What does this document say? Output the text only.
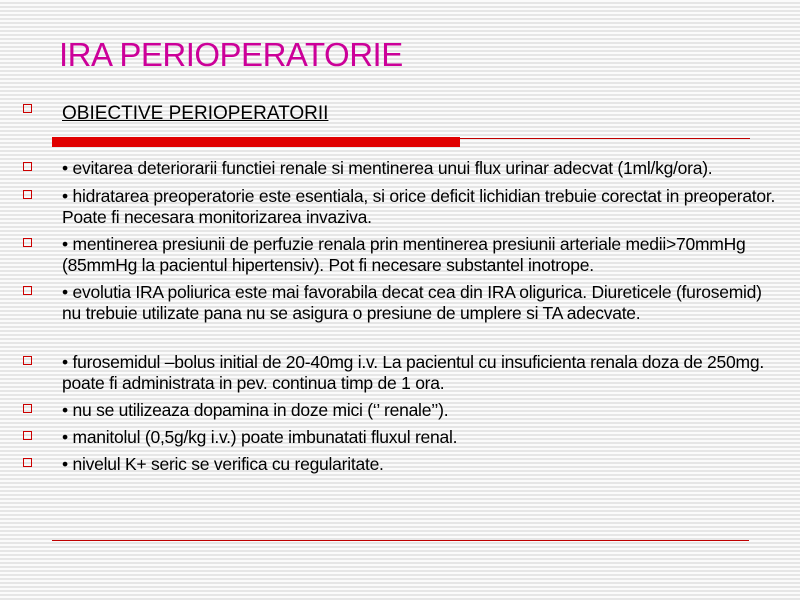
IRA PERIOPERATORIE
OBIECTIVE PERIOPERATORII
• evitarea deteriorarii functiei renale si mentinerea unui flux urinar adecvat (1ml/kg/ora).
• hidratarea preoperatorie este esentiala, si orice deficit lichidian trebuie corectat in preoperator. Poate fi necesara monitorizarea invaziva.
• mentinerea presiunii de perfuzie renala prin mentinerea presiunii arteriale medii>70mmHg (85mmHg la pacientul hipertensiv). Pot fi necesare substantel inotrope.
• evolutia IRA poliurica este mai favorabila decat cea din IRA oligurica. Diureticele (furosemid) nu trebuie utilizate pana nu se asigura o presiune de umplere si TA adecvate.
• furosemidul –bolus initial de 20-40mg i.v. La pacientul cu insuficienta renala doza de 250mg. poate fi administrata in pev. continua timp de 1 ora.
• nu se utilizeaza dopamina in doze mici (‘’ renale’’).
• manitolul (0,5g/kg i.v.) poate imbunatati fluxul renal.
• nivelul K+ seric se verifica cu regularitate.
